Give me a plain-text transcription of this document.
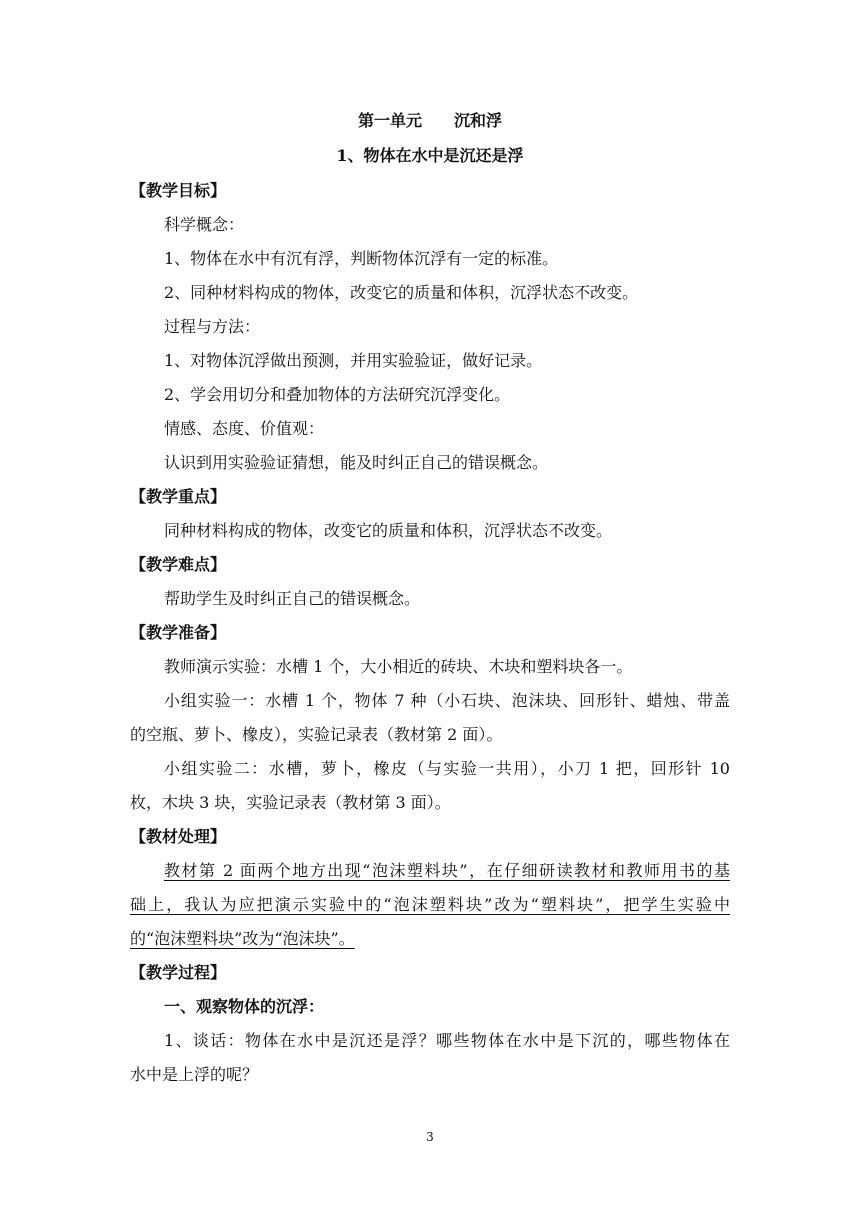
第一单元　　沉和浮
1、物体在水中是沉还是浮
【教学目标】
科学概念：
1、物体在水中有沉有浮，判断物体沉浮有一定的标准。
2、同种材料构成的物体，改变它的质量和体积，沉浮状态不改变。
过程与方法：
1、对物体沉浮做出预测，并用实验验证，做好记录。
2、学会用切分和叠加物体的方法研究沉浮变化。
情感、态度、价值观：
认识到用实验验证猜想，能及时纠正自己的错误概念。
【教学重点】
同种材料构成的物体，改变它的质量和体积，沉浮状态不改变。
【教学难点】
帮助学生及时纠正自己的错误概念。
【教学准备】
教师演示实验：水槽 1 个，大小相近的砖块、木块和塑料块各一。
小组实验一：水槽 1 个，物体 7 种（小石块、泡沫块、回形针、蜡烛、带盖
的空瓶、萝卜、橡皮），实验记录表（教材第 2 面）。
小组实验二：水槽，萝卜，橡皮（与实验一共用），小刀 1 把，回形针 10
枚，木块 3 块，实验记录表（教材第 3 面）。
【教材处理】
教材第 2 面两个地方出现“泡沫塑料块”，在仔细研读教材和教师用书的基
础上，我认为应把演示实验中的“泡沫塑料块”改为“塑料块”，把学生实验中
的“泡沫塑料块”改为“泡沫块”。
【教学过程】
一、观察物体的沉浮：
1、谈话：物体在水中是沉还是浮？哪些物体在水中是下沉的，哪些物体在
水中是上浮的呢？
3
